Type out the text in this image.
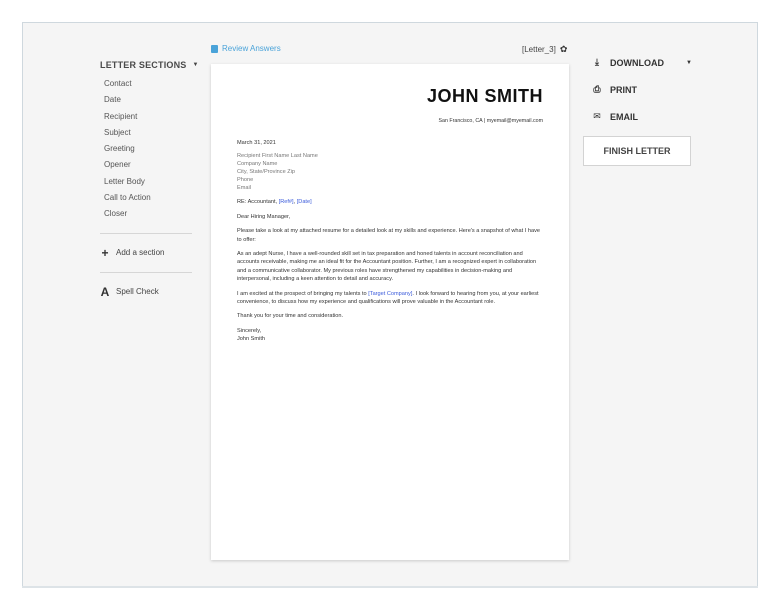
LETTER SECTIONS ▼
Contact
Date
Recipient
Subject
Greeting
Opener
Letter Body
Call to Action
Closer
+ Add a section
A Spell Check
Review Answers	[Letter_3] ✿
JOHN SMITH
San Francisco, CA | myemail@myemail.com

March 31, 2021

Recipient First Name Last Name
Company Name
City, State/Province Zip
Phone
Email

RE: Accountant, [Ref#], [Date]

Dear Hiring Manager,

Please take a look at my attached resume for a detailed look at my skills and experience. Here's a snapshot of what I have to offer:

As an adept Nurse, I have a well-rounded skill set in tax preparation and honed talents in account reconciliation and accounts receivable, making me an ideal fit for the Accountant position. Further, I am a recognized expert in collaboration and a communicative collaborator. My previous roles have strengthened my capabilities in decision-making and interpersonal, including a keen attention to detail and accuracy.

I am excited at the prospect of bringing my talents to [Target Company]. I look forward to hearing from you, at your earliest convenience, to discuss how my experience and qualifications will prove valuable in the Accountant role.

Thank you for your time and consideration.

Sincerely,
John Smith

⤓	DOWNLOAD	▼
⎙ PRINT
✉ EMAIL
FINISH LETTER
